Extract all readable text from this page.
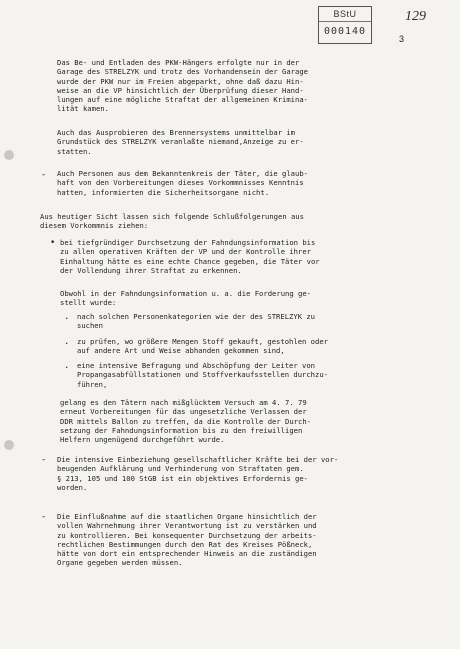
BStU
000140
129
3
Das Be- und Entladen des PKW-Hängers erfolgte nur in der
Garage des STRELZYK und trotz des Vorhandensein der Garage
wurde der PKW nur im Freien abgeparkt, ohne daß dazu Hin-
weise an die VP hinsichtlich der Überprüfung dieser Hand-
lungen auf eine mögliche Straftat der allgemeinen Krimina-
lität kamen.
Auch das Ausprobieren des Brennersystems unmittelbar im
Grundstück des STRELZYK veranlaßte niemand,Anzeige zu er-
statten.
- Auch Personen aus dem Bekanntenkreis der Täter, die glaub-
haft von den Vorbereitungen dieses Vorkommnisses Kenntnis
hatten, informierten die Sicherheitsorgane nicht.
Aus heutiger Sicht lassen sich folgende Schlußfolgerungen aus
diesem Vorkommnis ziehen:
• bei tiefgründiger Durchsetzung der Fahndungsinformation bis
zu allen operativen Kräften der VP und der Kontrolle ihrer
Einhaltung hätte es eine echte Chance gegeben, die Täter vor
der Vollendung ihrer Straftat zu erkennen.
Obwohl in der Fahndungsinformation u. a. die Forderung ge-
stellt wurde:
. nach solchen Personenkategorien wie der des STRELZYK zu
suchen
. zu prüfen, wo größere Mengen Stoff gekauft, gestohlen oder
auf andere Art und Weise abhanden gekommen sind,
. eine intensive Befragung und Abschöpfung der Leiter von
Propangasabfüllstationen und Stoffverkaufsstellen durchzu-
führen,
gelang es den Tätern nach mißglücktem Versuch am 4. 7. 79
erneut Vorbereitungen für das ungesetzliche Verlassen der
DDR mittels Ballon zu treffen, da die Kontrolle der Durch-
setzung der Fahndungsinformation bis zu den freiwilligen
Helfern ungenügend durchgeführt wurde.
- Die intensive Einbeziehung gesellschaftlicher Kräfte bei der vor-
beugenden Aufklärung und Verhinderung von Straftaten gem.
§ 213, 105 und 100 StGB ist ein objektives Erfordernis ge-
worden.
- Die Einflußnahme auf die staatlichen Organe hinsichtlich der
vollen Wahrnehmung ihrer Verantwortung ist zu verstärken und
zu kontrollieren. Bei konsequenter Durchsetzung der arbeits-
rechtlichen Bestimmungen durch den Rat des Kreises Pößneck,
hätte von dort ein entsprechender Hinweis an die zuständigen
Organe gegeben werden müssen.
